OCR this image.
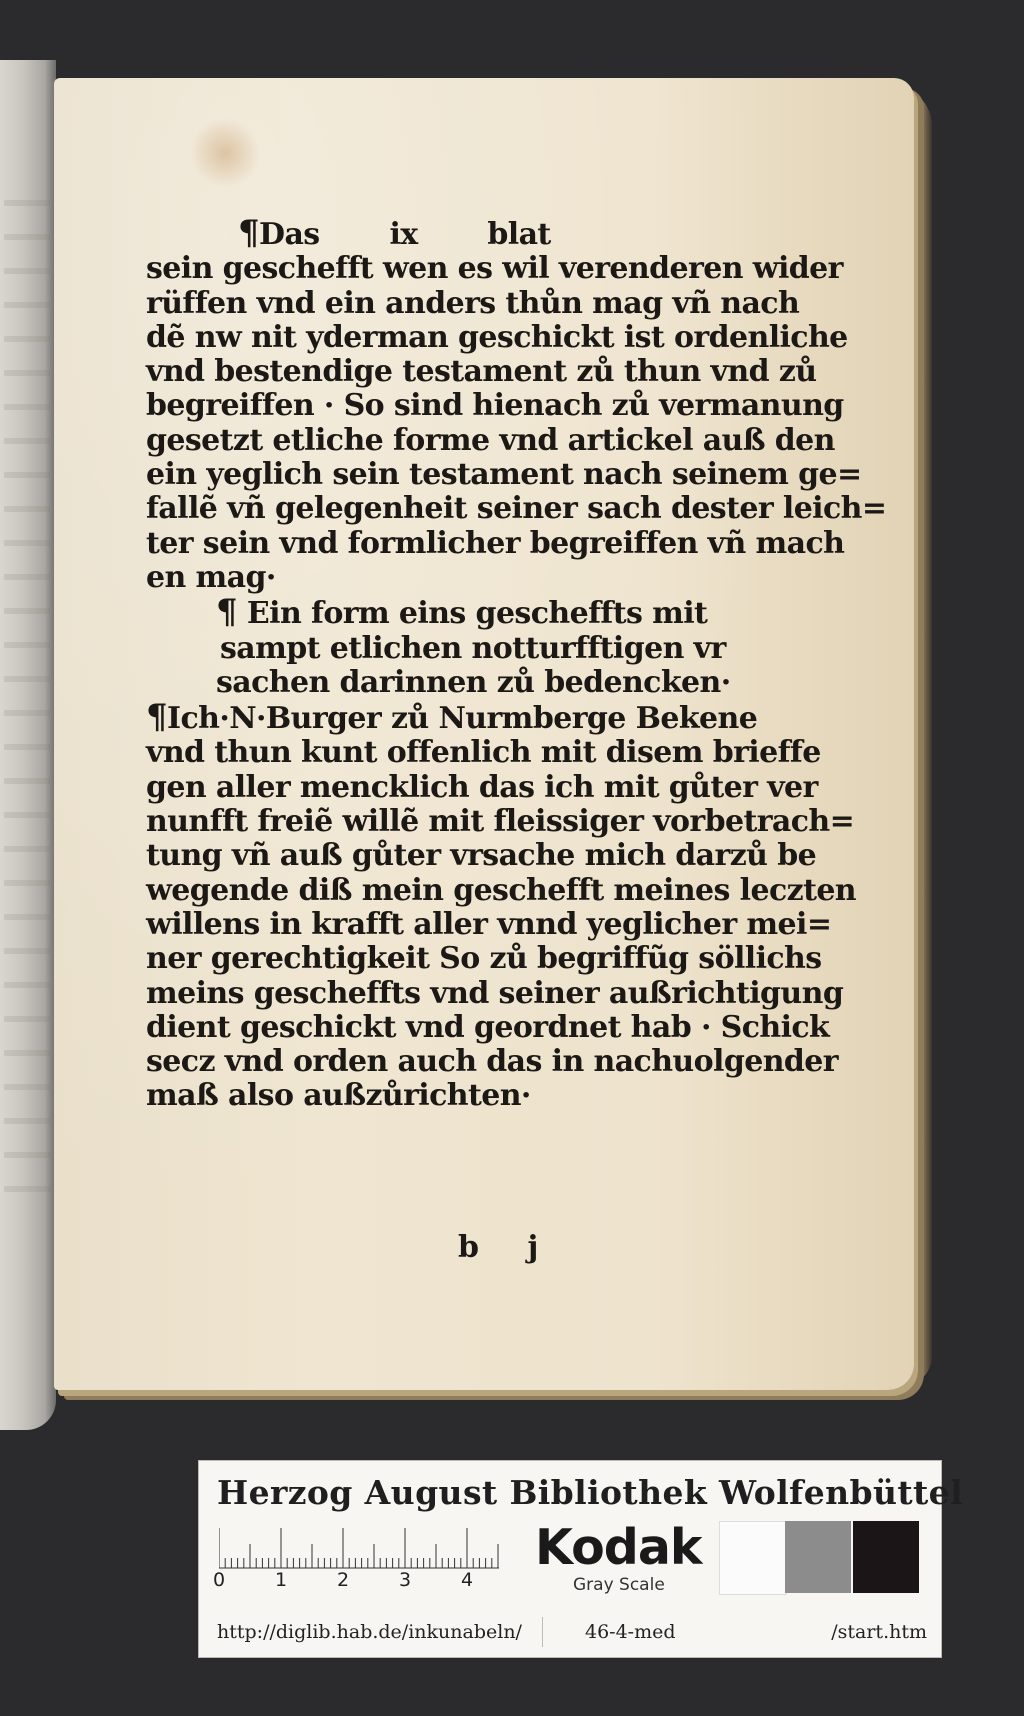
¶Das ix blat
sein geschefft wen es wil verenderen wider
rüffen vnd ein anders thůn mag vñ nach
dẽ nw nit yderman geschickt ist ordenliche
vnd bestendige testament zů thun vnd zů
begreiffen · So sind hienach zů vermanung
gesetzt etliche forme vnd artickel auß den
ein yeglich sein testament nach seinem ge=
fallẽ vñ gelegenheit seiner sach dester leich=
ter sein vnd formlicher begreiffen vñ mach
en mag·
¶ Ein form eins gescheffts mit
sampt etlichen notturfftigen vr
sachen darinnen zů bedencken·
¶Ich·N·Burger zů Nurmberge Bekene
vnd thun kunt offenlich mit disem brieffe
gen aller mencklich das ich mit gůter ver
nunfft freiẽ willẽ mit fleissiger vorbetrach=
tung vñ auß gůter vrsache mich darzů be
wegende diß mein geschefft meines leczten
willens in krafft aller vnnd yeglicher mei=
ner gerechtigkeit So zů begriffũg söllichs
meins gescheffts vnd seiner außrichtigung
dient geschickt vnd geordnet hab · Schick
secz vnd orden auch das in nachuolgender
maß also außzůrichten·
b j
Herzog August Bibliothek Wolfenbüttel
0	1	2	3	4
Kodak
Gray Scale
http://diglib.hab.de/inkunabeln/	46-4-med	/start.htm
